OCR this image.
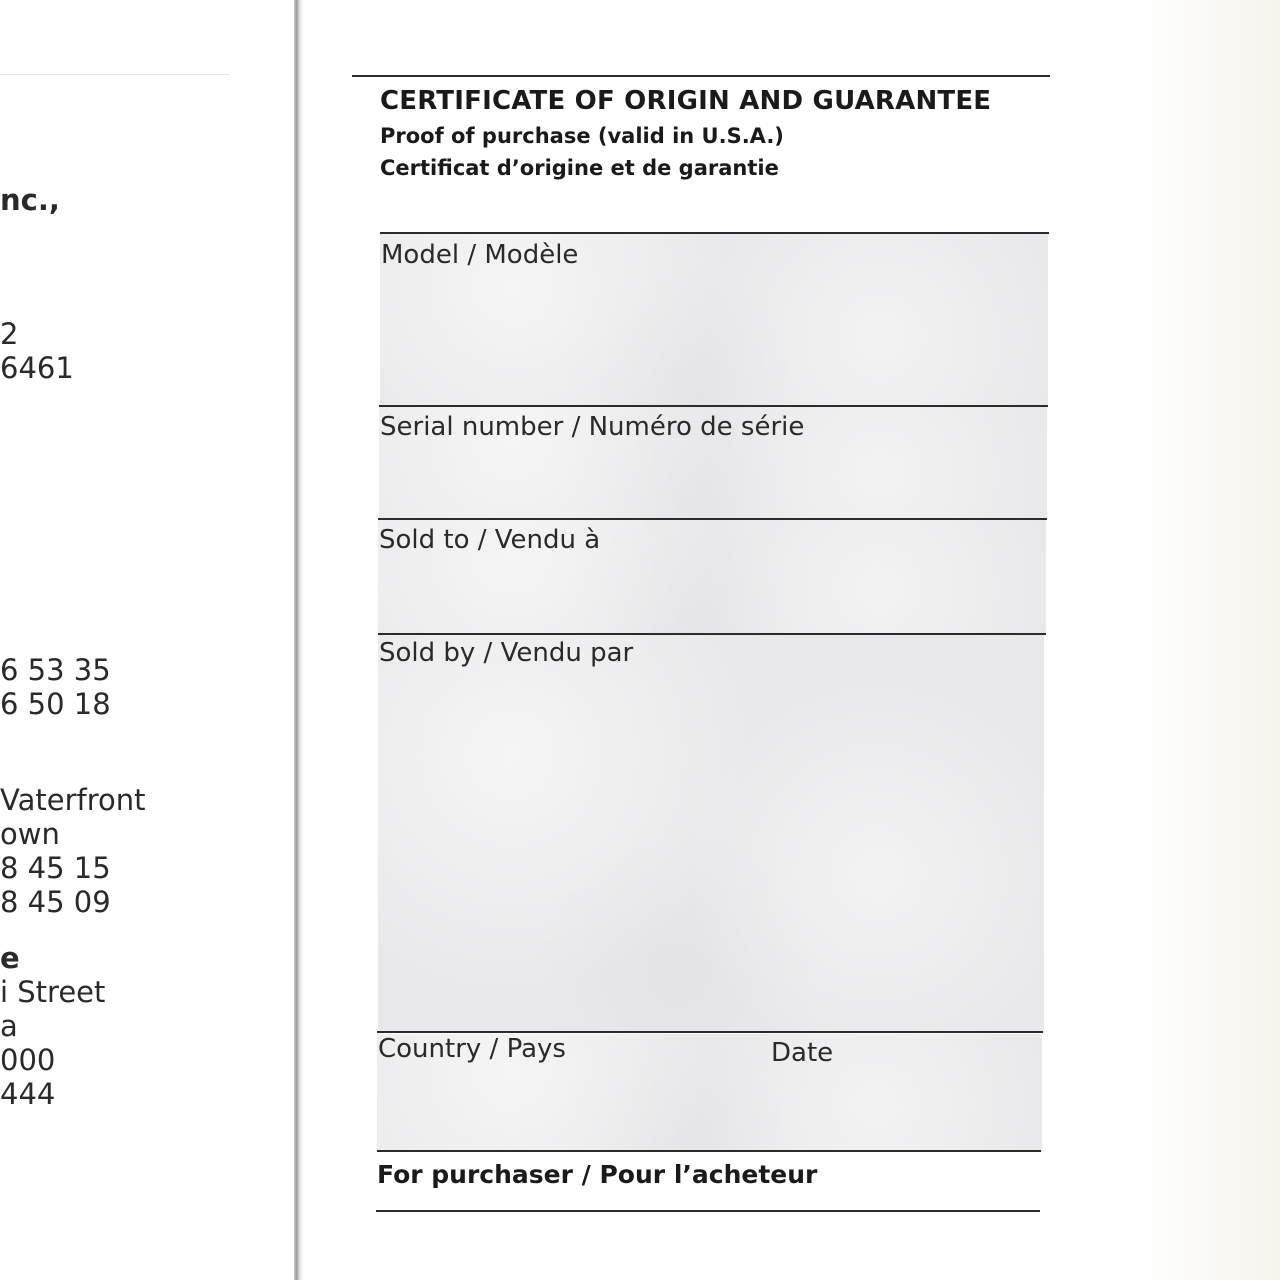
nc.,
2
6461
6 53 35
6 50 18
Vaterfront
own
8 45 15
8 45 09
e
i Street
a
000
444
CERTIFICATE OF ORIGIN AND GUARANTEE
Proof of purchase (valid in U.S.A.)
Certificat d’origine et de garantie
Model / Modèle
Serial number / Numéro de série
Sold to / Vendu à
Sold by / Vendu par
Country / Pays	Date
For purchaser / Pour l’acheteur
